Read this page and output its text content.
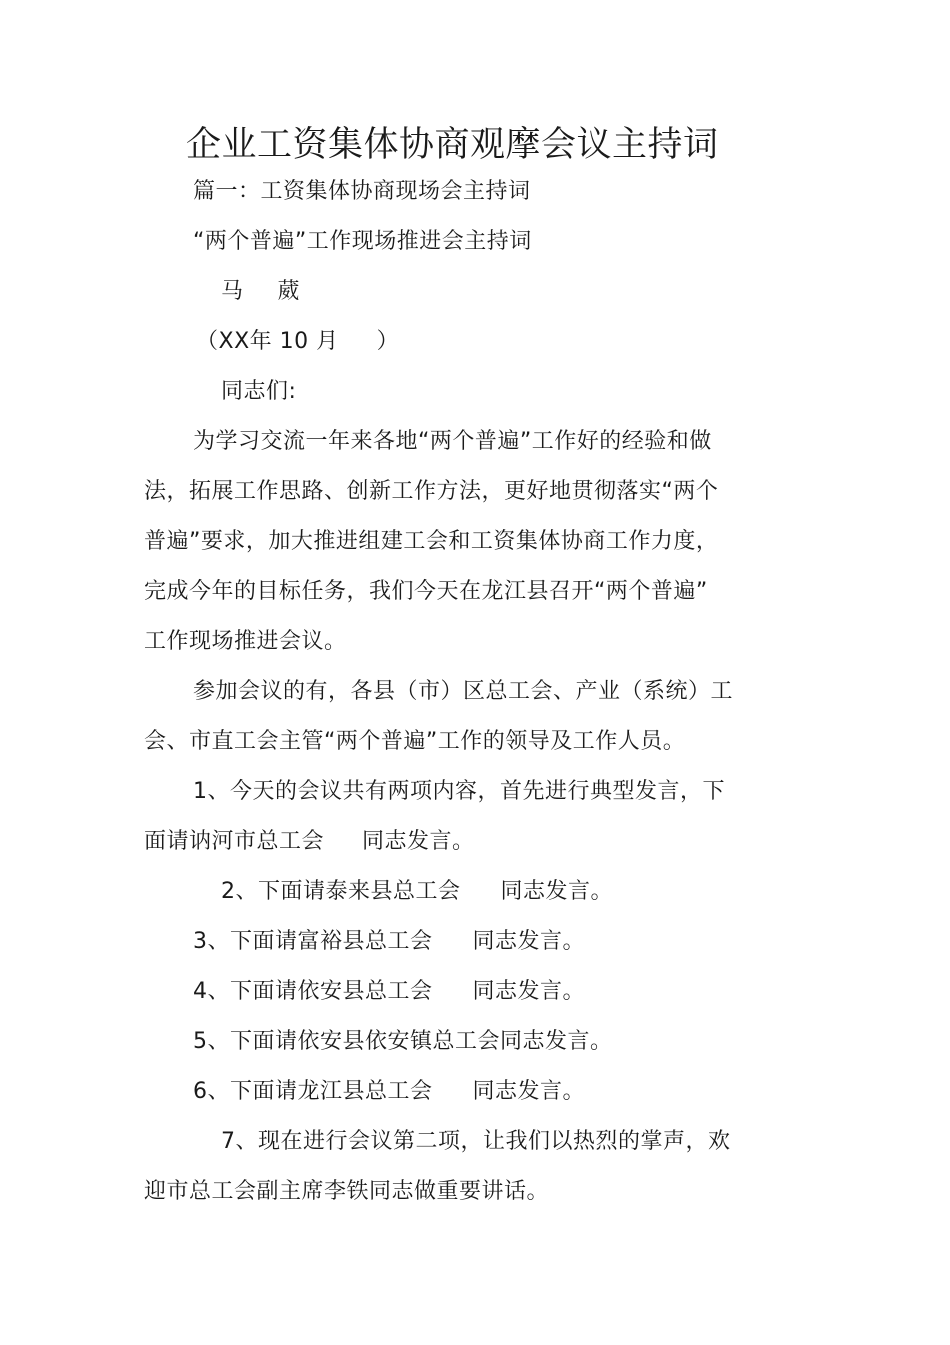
企业工资集体协商观摩会议主持词
篇一：工资集体协商现场会主持词
“两个普遍”工作现场推进会主持词
马 葳
（XX年 10 月 ）
同志们:
为学习交流一年来各地“两个普遍”工作好的经验和做
法，拓展工作思路、创新工作方法，更好地贯彻落实“两个
普遍”要求，加大推进组建工会和工资集体协商工作力度，
完成今年的目标任务，我们今天在龙江县召开“两个普遍”
工作现场推进会议。
参加会议的有，各县（市）区总工会、产业（系统）工
会、市直工会主管“两个普遍”工作的领导及工作人员。
1、今天的会议共有两项内容，首先进行典型发言，下
面请讷河市总工会 同志发言。
2、下面请泰来县总工会 同志发言。
3、下面请富裕县总工会 同志发言。
4、下面请依安县总工会 同志发言。
5、下面请依安县依安镇总工会同志发言。
6、下面请龙江县总工会 同志发言。
7、现在进行会议第二项，让我们以热烈的掌声，欢
迎市总工会副主席李铁同志做重要讲话。
